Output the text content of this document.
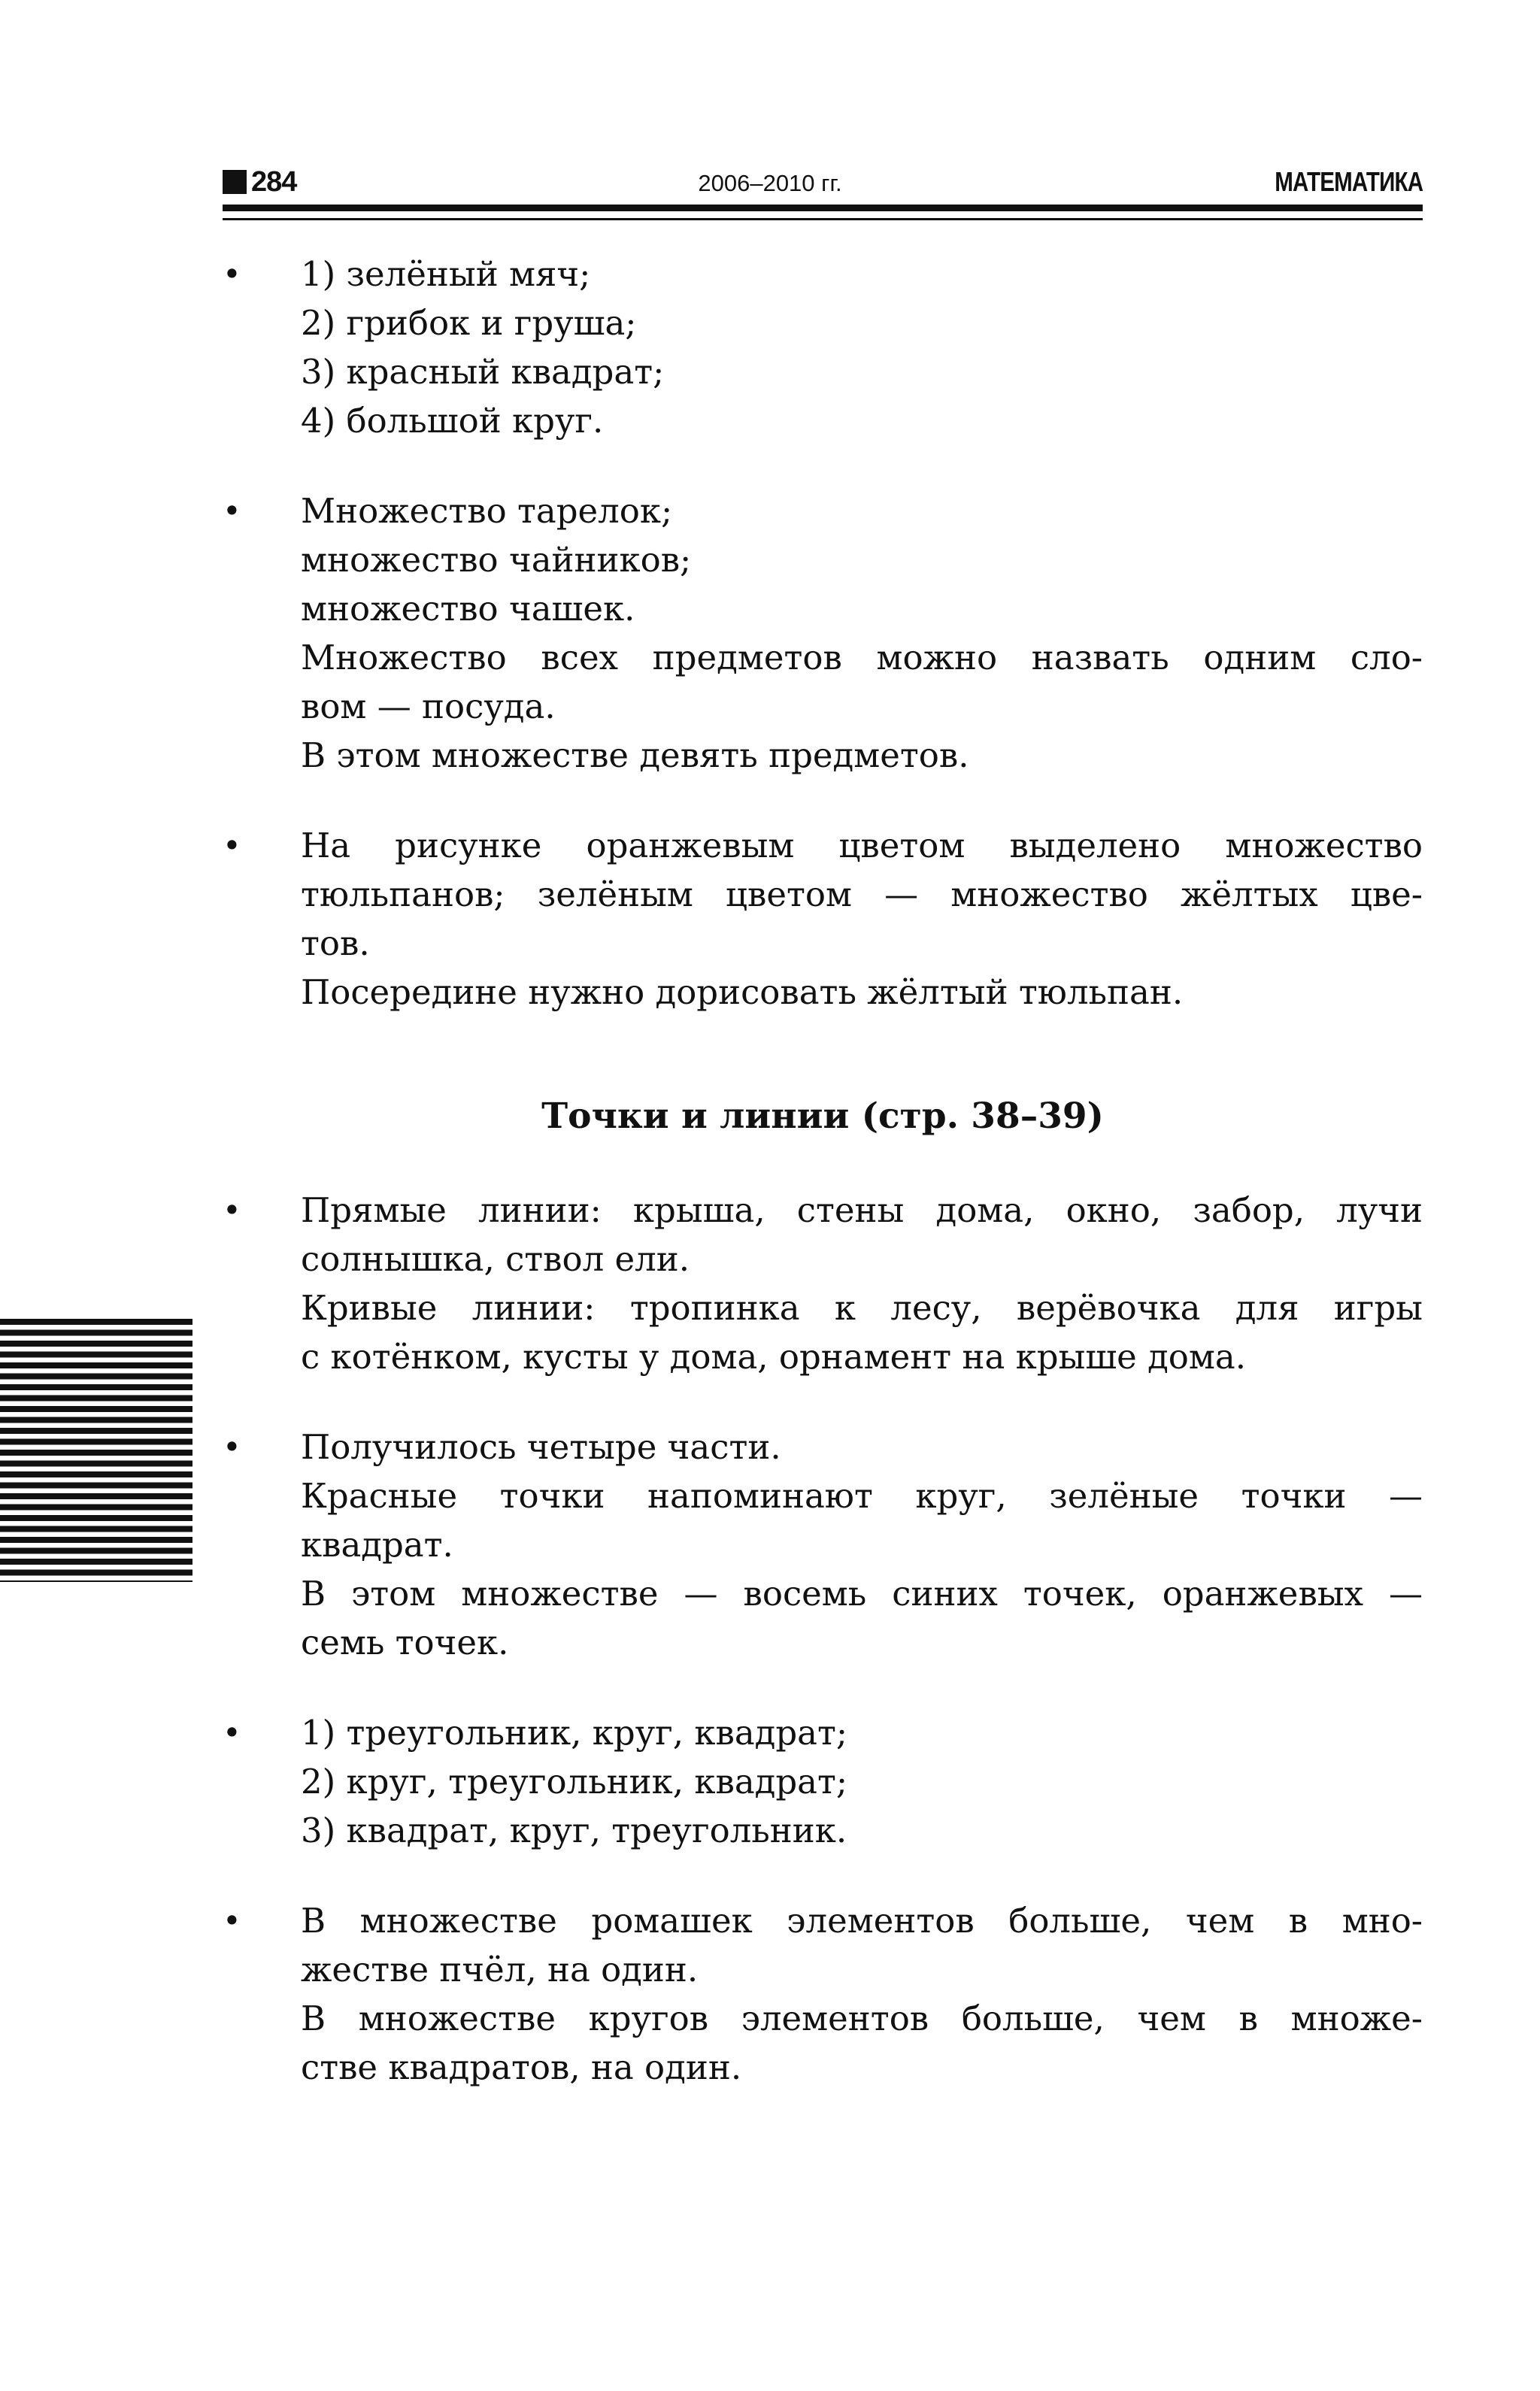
284	2006–2010 гг.	МАТЕМАТИКА
• 1) зелёный мяч;
2) грибок и груша;
3) красный квадрат;
4) большой круг.
• Множество тарелок;
множество чайников;
множество чашек.
Множество всех предметов можно назвать одним сло-
вом — посуда.
В этом множестве девять предметов.
• На рисунке оранжевым цветом выделено множество
тюльпанов; зелёным цветом — множество жёлтых цве-
тов.
Посередине нужно дорисовать жёлтый тюльпан.
Точки и линии (стр. 38–39)
• Прямые линии: крыша, стены дома, окно, забор, лучи
солнышка, ствол ели.
Кривые линии: тропинка к лесу, верёвочка для игры
с котёнком, кусты у дома, орнамент на крыше дома.
• Получилось четыре части.
Красные точки напоминают круг, зелёные точки —
квадрат.
В этом множестве — восемь синих точек, оранжевых —
семь точек.
• 1) треугольник, круг, квадрат;
2) круг, треугольник, квадрат;
3) квадрат, круг, треугольник.
• В множестве ромашек элементов больше, чем в мно-
жестве пчёл, на один.
В множестве кругов элементов больше, чем в множе-
стве квадратов, на один.
